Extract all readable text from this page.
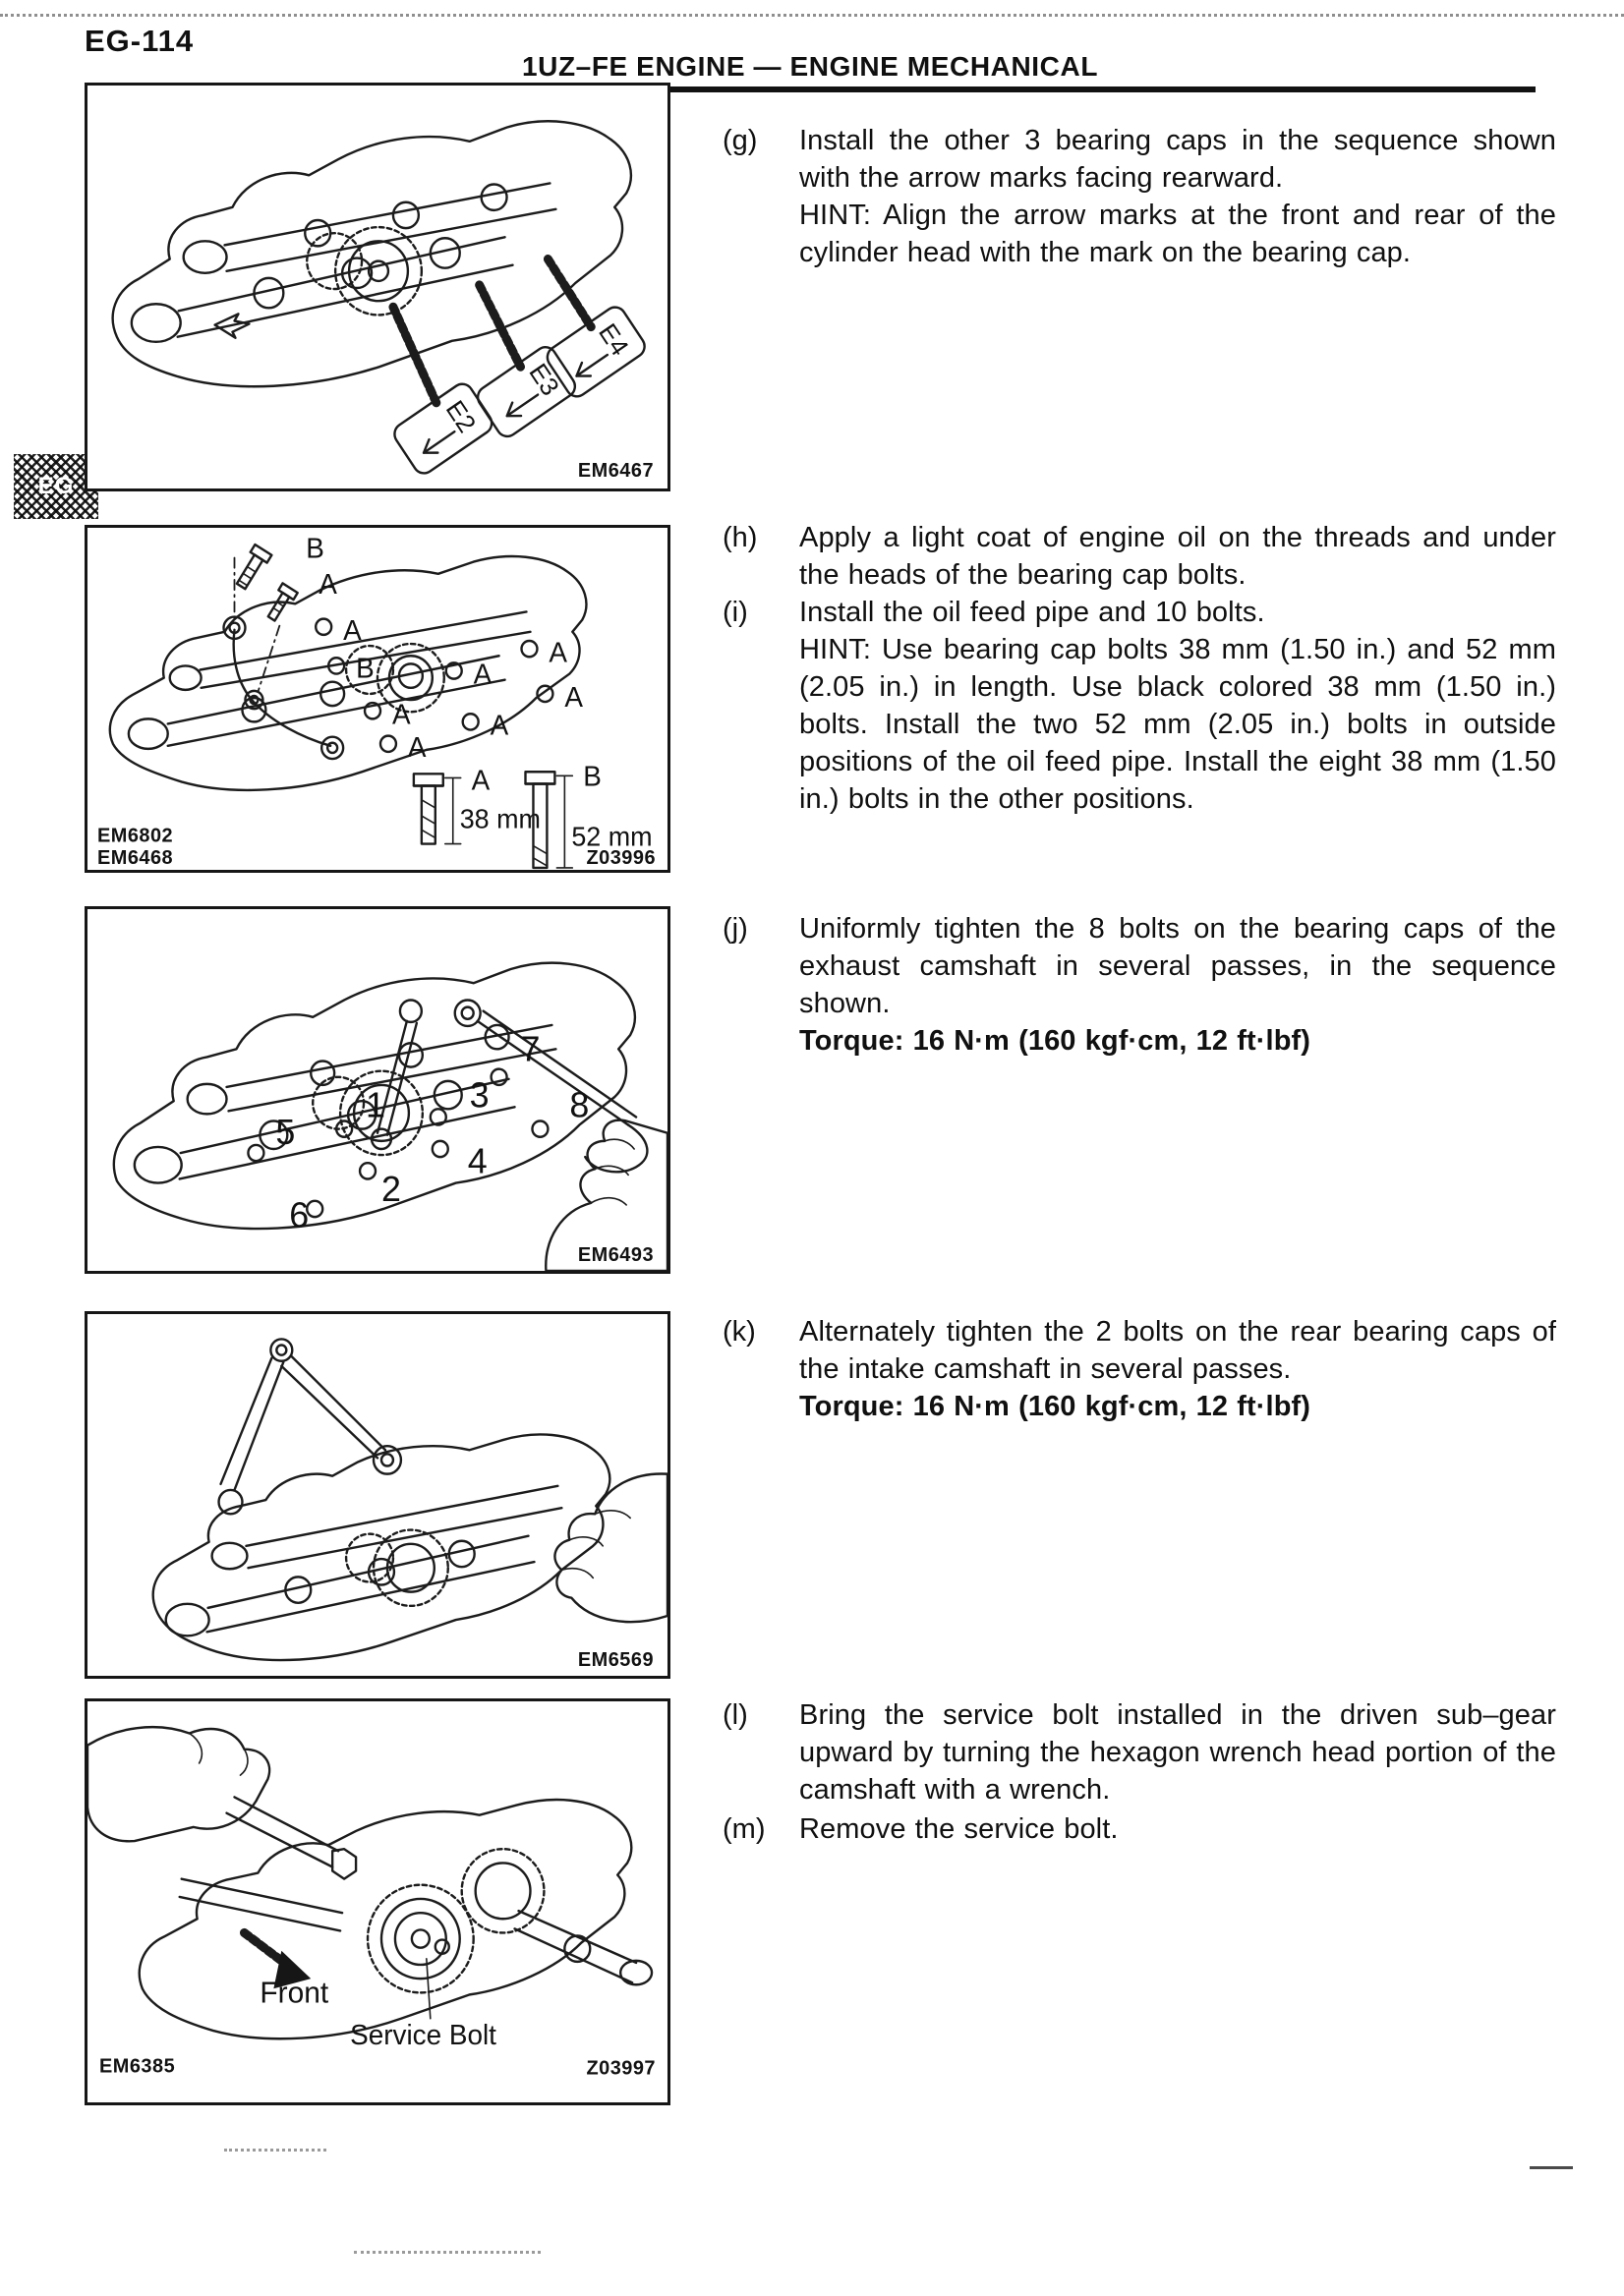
EG-114
1UZ–FE ENGINE — ENGINE MECHANICAL
EG
E2
E3
E4
EM6467
B
A
A
B
A
A
A
A
A
A
A
38 mm
B
52 mm
EM6802
EM6468	Z03996
1
2
3
4
5
6
7
8
EM6493
EM6569
Front
Service Bolt
EM6385	Z03997
(g)	Install the other 3 bearing caps in the sequence shown with the arrow marks facing rearward.

HINT: Align the arrow marks at the front and rear of the cylinder head with the mark on the bearing cap.

(h)	Apply a light coat of engine oil on the threads and under the heads of the bearing cap bolts.

(i)	Install the oil feed pipe and 10 bolts.

HINT: Use bearing cap bolts 38 mm (1.50 in.) and 52 mm (2.05 in.) in length. Use black colored 38 mm (1.50 in.) bolts. Install the two 52 mm (2.05 in.) bolts in outside positions of the oil feed pipe. Install the eight 38 mm (1.50 in.) bolts in the other positions.

(j)	Uniformly tighten the 8 bolts on the bearing caps of the exhaust camshaft in several passes, in the sequence shown.

Torque: 16 N·m (160 kgf·cm, 12 ft·lbf)

(k)	Alternately tighten the 2 bolts on the rear bearing caps of the intake camshaft in several passes.

Torque: 16 N·m (160 kgf·cm, 12 ft·lbf)

(l)	Bring the service bolt installed in the driven sub–gear upward by turning the hexagon wrench head portion of the camshaft with a wrench.

(m)	Remove the service bolt.
